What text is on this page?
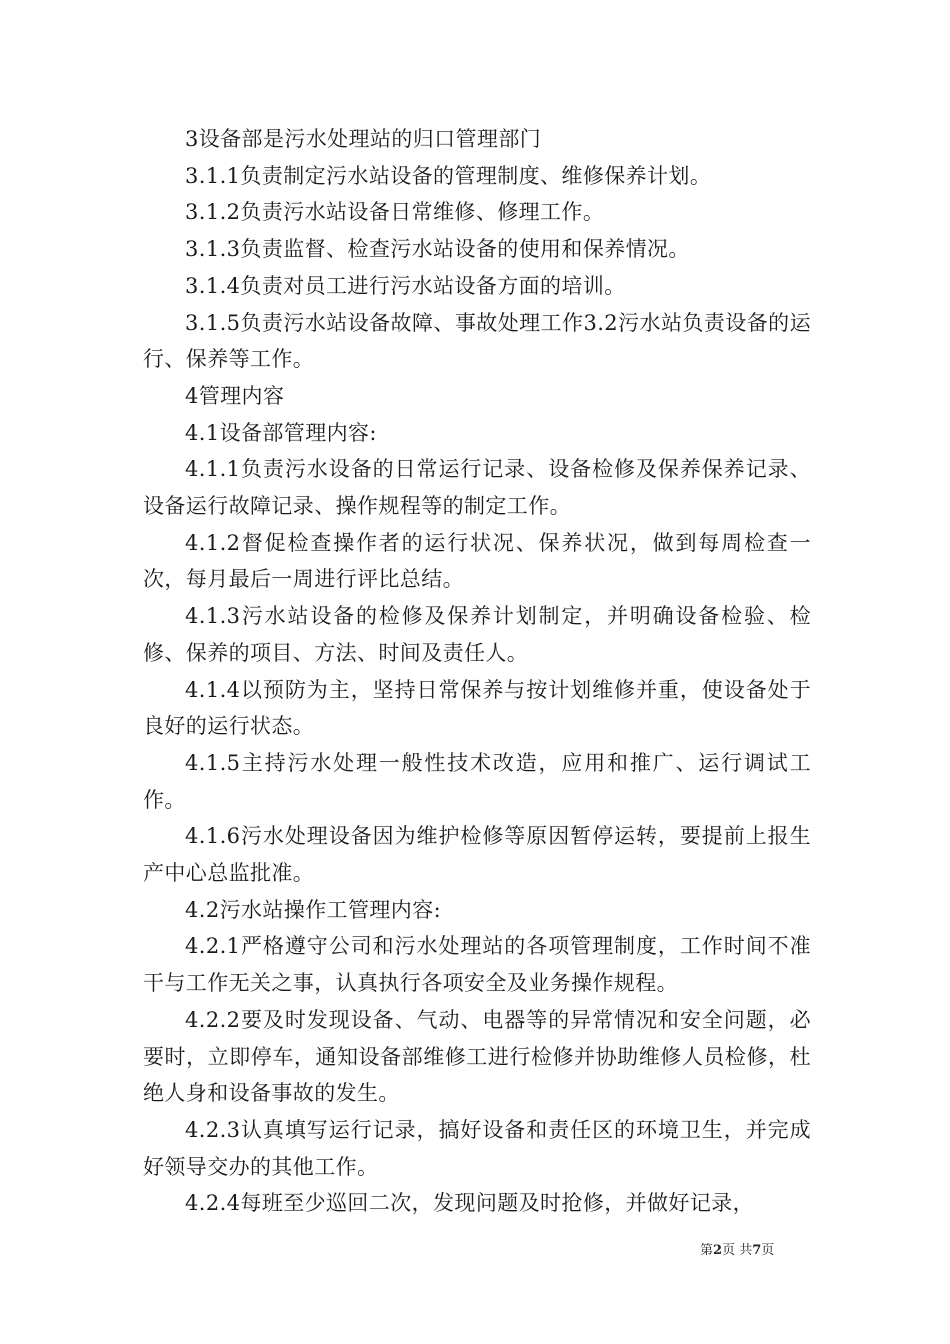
3设备部是污水处理站的归口管理部门

3.1.1负责制定污水站设备的管理制度、维修保养计划。

3.1.2负责污水站设备日常维修、修理工作。

3.1.3负责监督、检查污水站设备的使用和保养情况。

3.1.4负责对员工进行污水站设备方面的培训。

3.1.5负责污水站设备故障、事故处理工作3.2污水站负责设备的运行、保养等工作。

4管理内容

4.1设备部管理内容:

4.1.1负责污水设备的日常运行记录、设备检修及保养保养记录、设备运行故障记录、操作规程等的制定工作。

4.1.2督促检查操作者的运行状况、保养状况，做到每周检查一次，每月最后一周进行评比总结。

4.1.3污水站设备的检修及保养计划制定，并明确设备检验、检修、保养的项目、方法、时间及责任人。

4.1.4以预防为主，坚持日常保养与按计划维修并重，使设备处于良好的运行状态。

4.1.5主持污水处理一般性技术改造，应用和推广、运行调试工作。

4.1.6污水处理设备因为维护检修等原因暂停运转，要提前上报生产中心总监批准。

4.2污水站操作工管理内容:

4.2.1严格遵守公司和污水处理站的各项管理制度，工作时间不准干与工作无关之事，认真执行各项安全及业务操作规程。

4.2.2要及时发现设备、气动、电器等的异常情况和安全问题，必要时，立即停车，通知设备部维修工进行检修并协助维修人员检修，杜绝人身和设备事故的发生。

4.2.3认真填写运行记录，搞好设备和责任区的环境卫生，并完成好领导交办的其他工作。

4.2.4每班至少巡回二次，发现问题及时抢修，并做好记录，

第2页 共7页
